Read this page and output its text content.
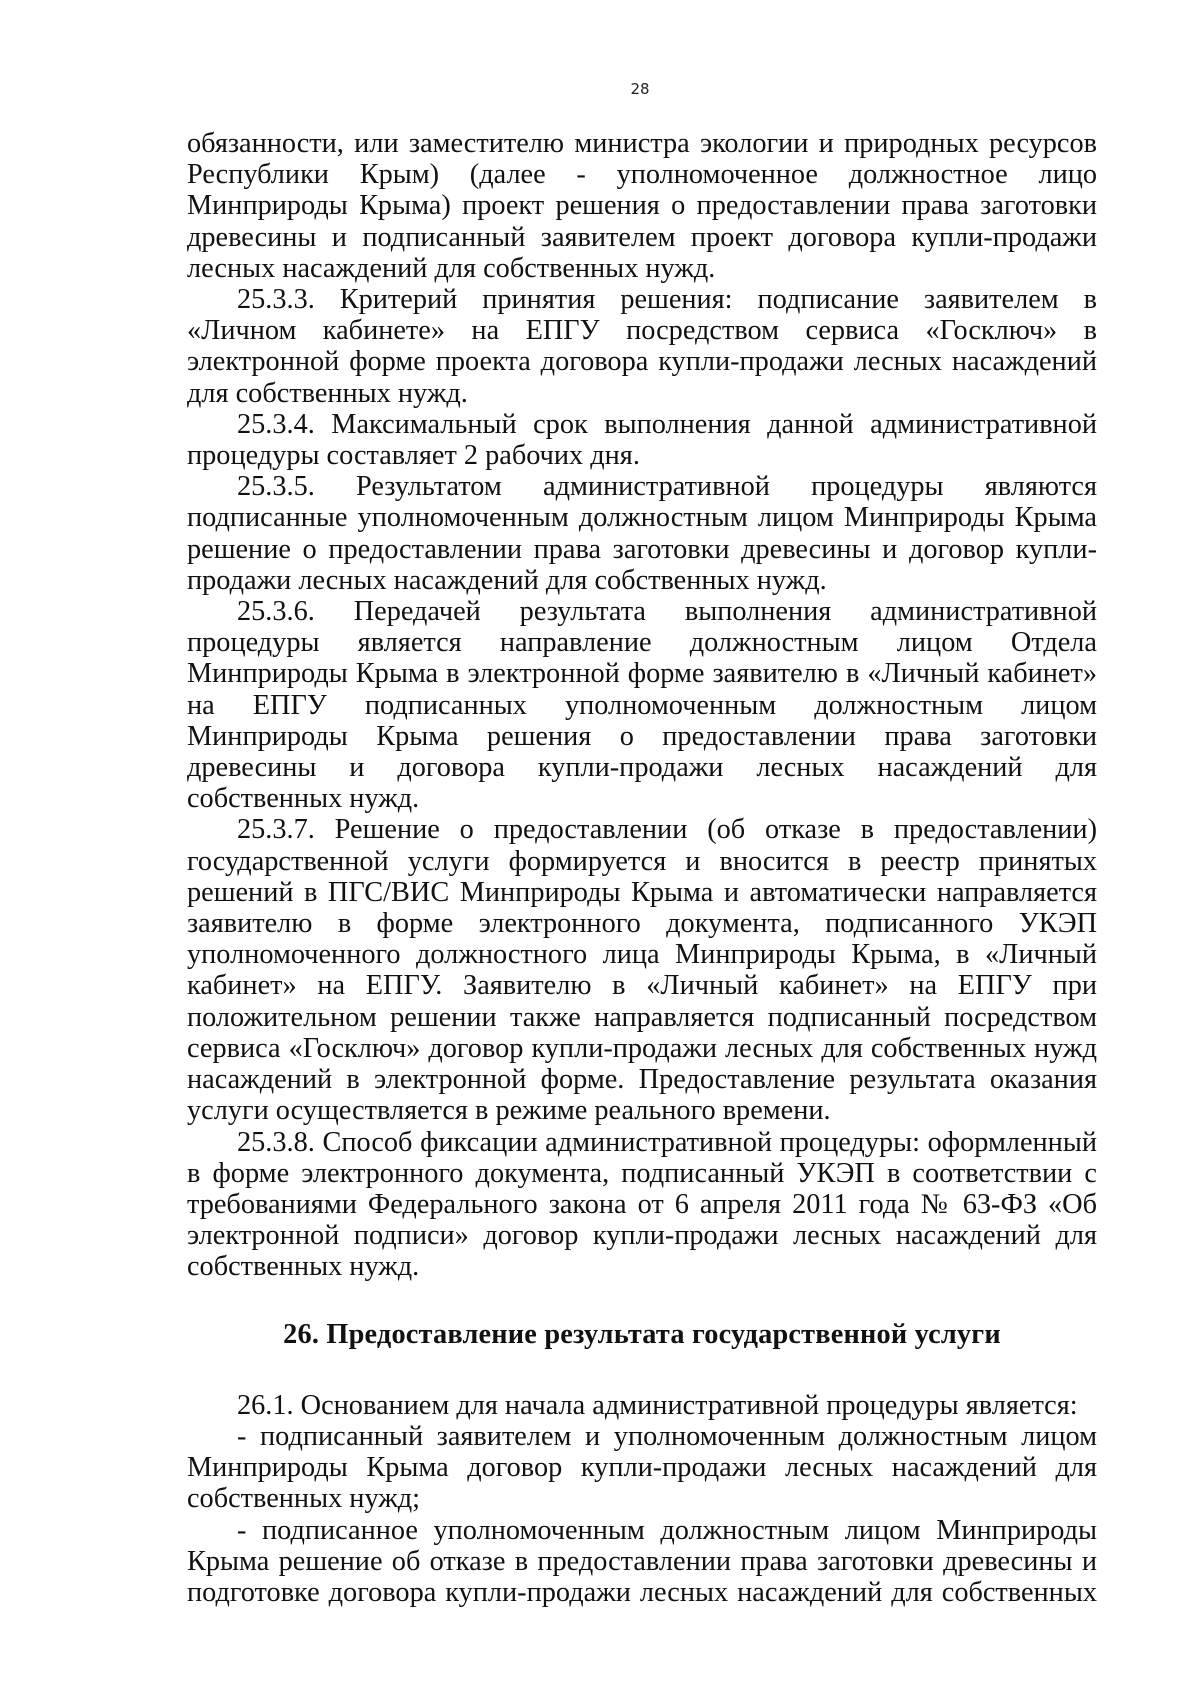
28

обязанности, или заместителю министра экологии и природных ресурсов Республики Крым) (далее - уполномоченное должностное лицо Минприроды Крыма) проект решения о предоставлении права заготовки древесины и подписанный заявителем проект договора купли-продажи лесных насаждений для собственных нужд.

25.3.3. Критерий принятия решения: подписание заявителем в «Личном кабинете» на ЕПГУ посредством сервиса «Госключ» в электронной форме проекта договора купли-продажи лесных насаждений для собственных нужд.

25.3.4. Максимальный срок выполнения данной административной процедуры составляет 2 рабочих дня.

25.3.5. Результатом административной процедуры являются подписанные уполномоченным должностным лицом Минприроды Крыма решение о предоставлении права заготовки древесины и договор купли-продажи лесных насаждений для собственных нужд.

25.3.6. Передачей результата выполнения административной процедуры является направление должностным лицом Отдела Минприроды Крыма в электронной форме заявителю в «Личный кабинет» на ЕПГУ подписанных уполномоченным должностным лицом Минприроды Крыма решения о предоставлении права заготовки древесины и договора купли-продажи лесных насаждений для собственных нужд.

25.3.7. Решение о предоставлении (об отказе в предоставлении) государственной услуги формируется и вносится в реестр принятых решений в ПГС/ВИС Минприроды Крыма и автоматически направляется заявителю в форме электронного документа, подписанного УКЭП уполномоченного должностного лица Минприроды Крыма, в «Личный кабинет» на ЕПГУ. Заявителю в «Личный кабинет» на ЕПГУ при положительном решении также направляется подписанный посредством сервиса «Госключ» договор купли-продажи лесных для собственных нужд насаждений в электронной форме. Предоставление результата оказания услуги осуществляется в режиме реального времени.

25.3.8. Способ фиксации административной процедуры: оформленный в форме электронного документа, подписанный УКЭП в соответствии с требованиями Федерального закона от 6 апреля 2011 года № 63-ФЗ «Об электронной подписи» договор купли-продажи лесных насаждений для собственных нужд.

26. Предоставление результата государственной услуги

26.1. Основанием для начала административной процедуры является:

- подписанный заявителем и уполномоченным должностным лицом Минприроды Крыма договор купли-продажи лесных насаждений для собственных нужд;

- подписанное уполномоченным должностным лицом Минприроды Крыма решение об отказе в предоставлении права заготовки древесины и подготовке договора купли-продажи лесных насаждений для собственных
